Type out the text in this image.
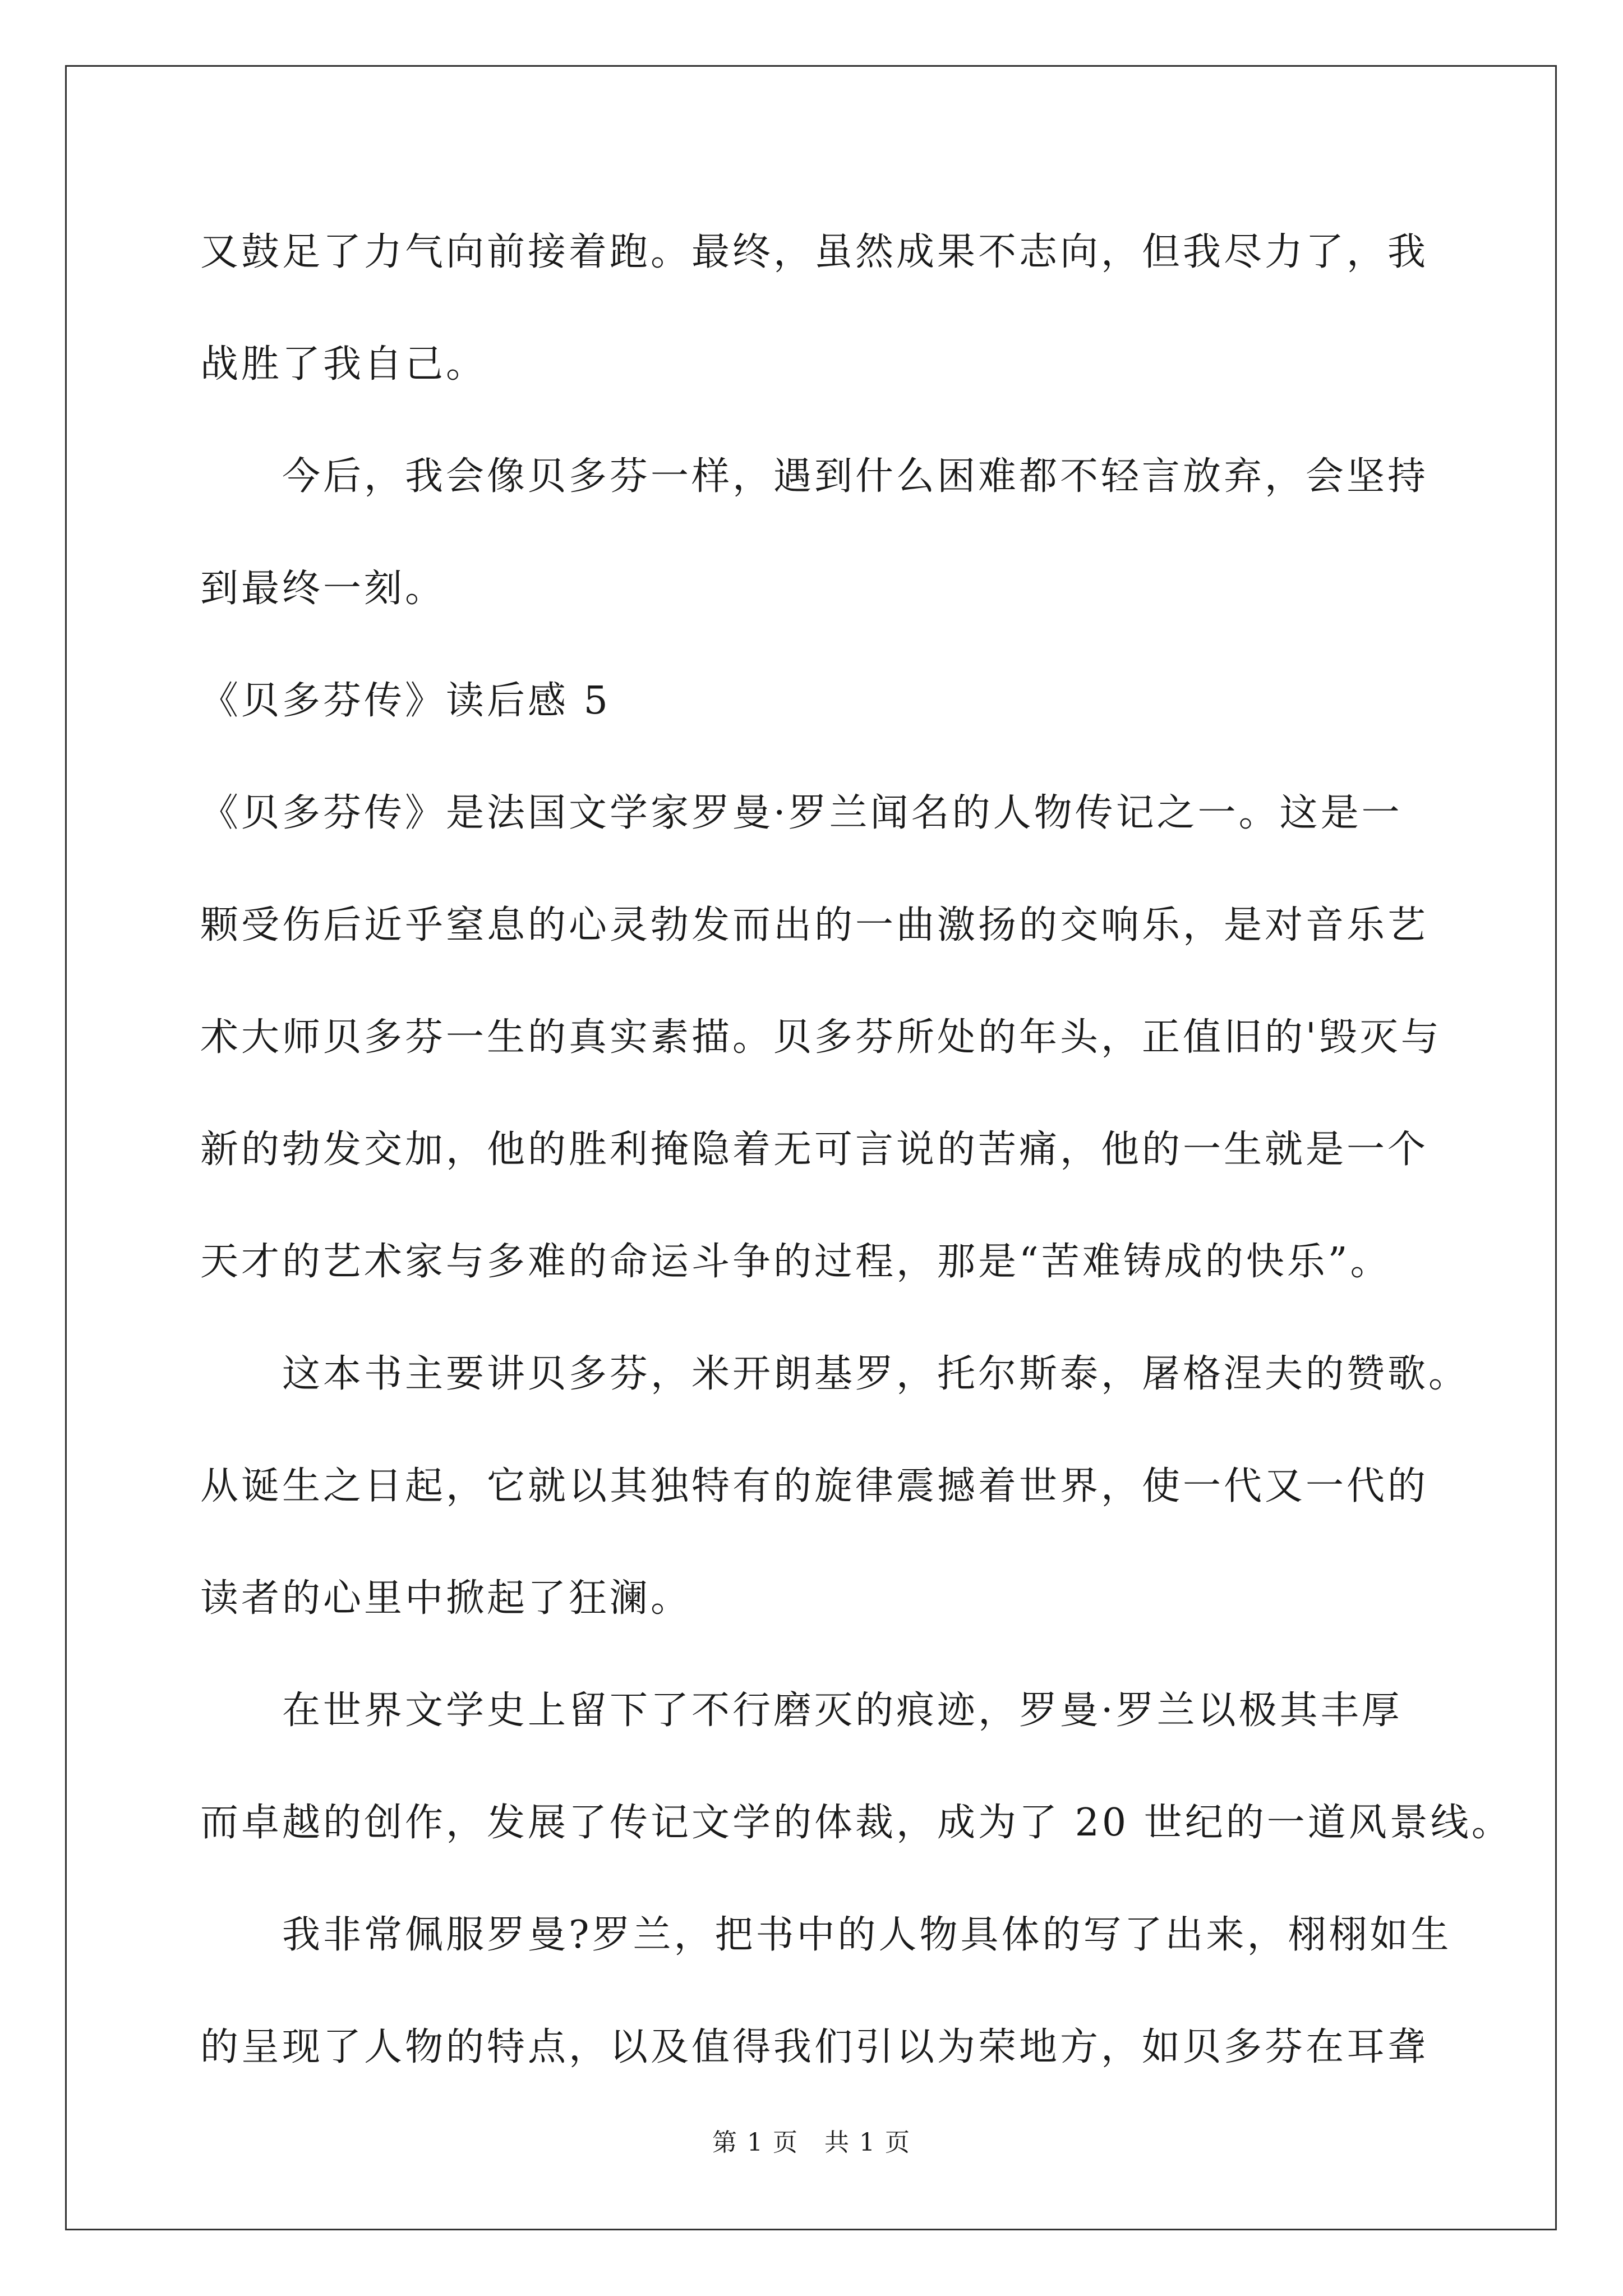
又鼓足了力气向前接着跑。最终，虽然成果不志向，但我尽力了，我
战胜了我自己。
今后，我会像贝多芬一样，遇到什么困难都不轻言放弃，会坚持
到最终一刻。
《贝多芬传》读后感 5
《贝多芬传》是法国文学家罗曼·罗兰闻名的人物传记之一。这是一
颗受伤后近乎窒息的心灵勃发而出的一曲激扬的交响乐，是对音乐艺
术大师贝多芬一生的真实素描。贝多芬所处的年头，正值旧的'毁灭与
新的勃发交加，他的胜利掩隐着无可言说的苦痛，他的一生就是一个
天才的艺术家与多难的命运斗争的过程，那是“苦难铸成的快乐”。
这本书主要讲贝多芬，米开朗基罗，托尔斯泰，屠格涅夫的赞歌。
从诞生之日起，它就以其独特有的旋律震撼着世界，使一代又一代的
读者的心里中掀起了狂澜。
在世界文学史上留下了不行磨灭的痕迹，罗曼·罗兰以极其丰厚
而卓越的创作，发展了传记文学的体裁，成为了 20 世纪的一道风景线。
我非常佩服罗曼?罗兰，把书中的人物具体的写了出来，栩栩如生
的呈现了人物的特点，以及值得我们引以为荣地方，如贝多芬在耳聋
第 1 页　共 1 页
